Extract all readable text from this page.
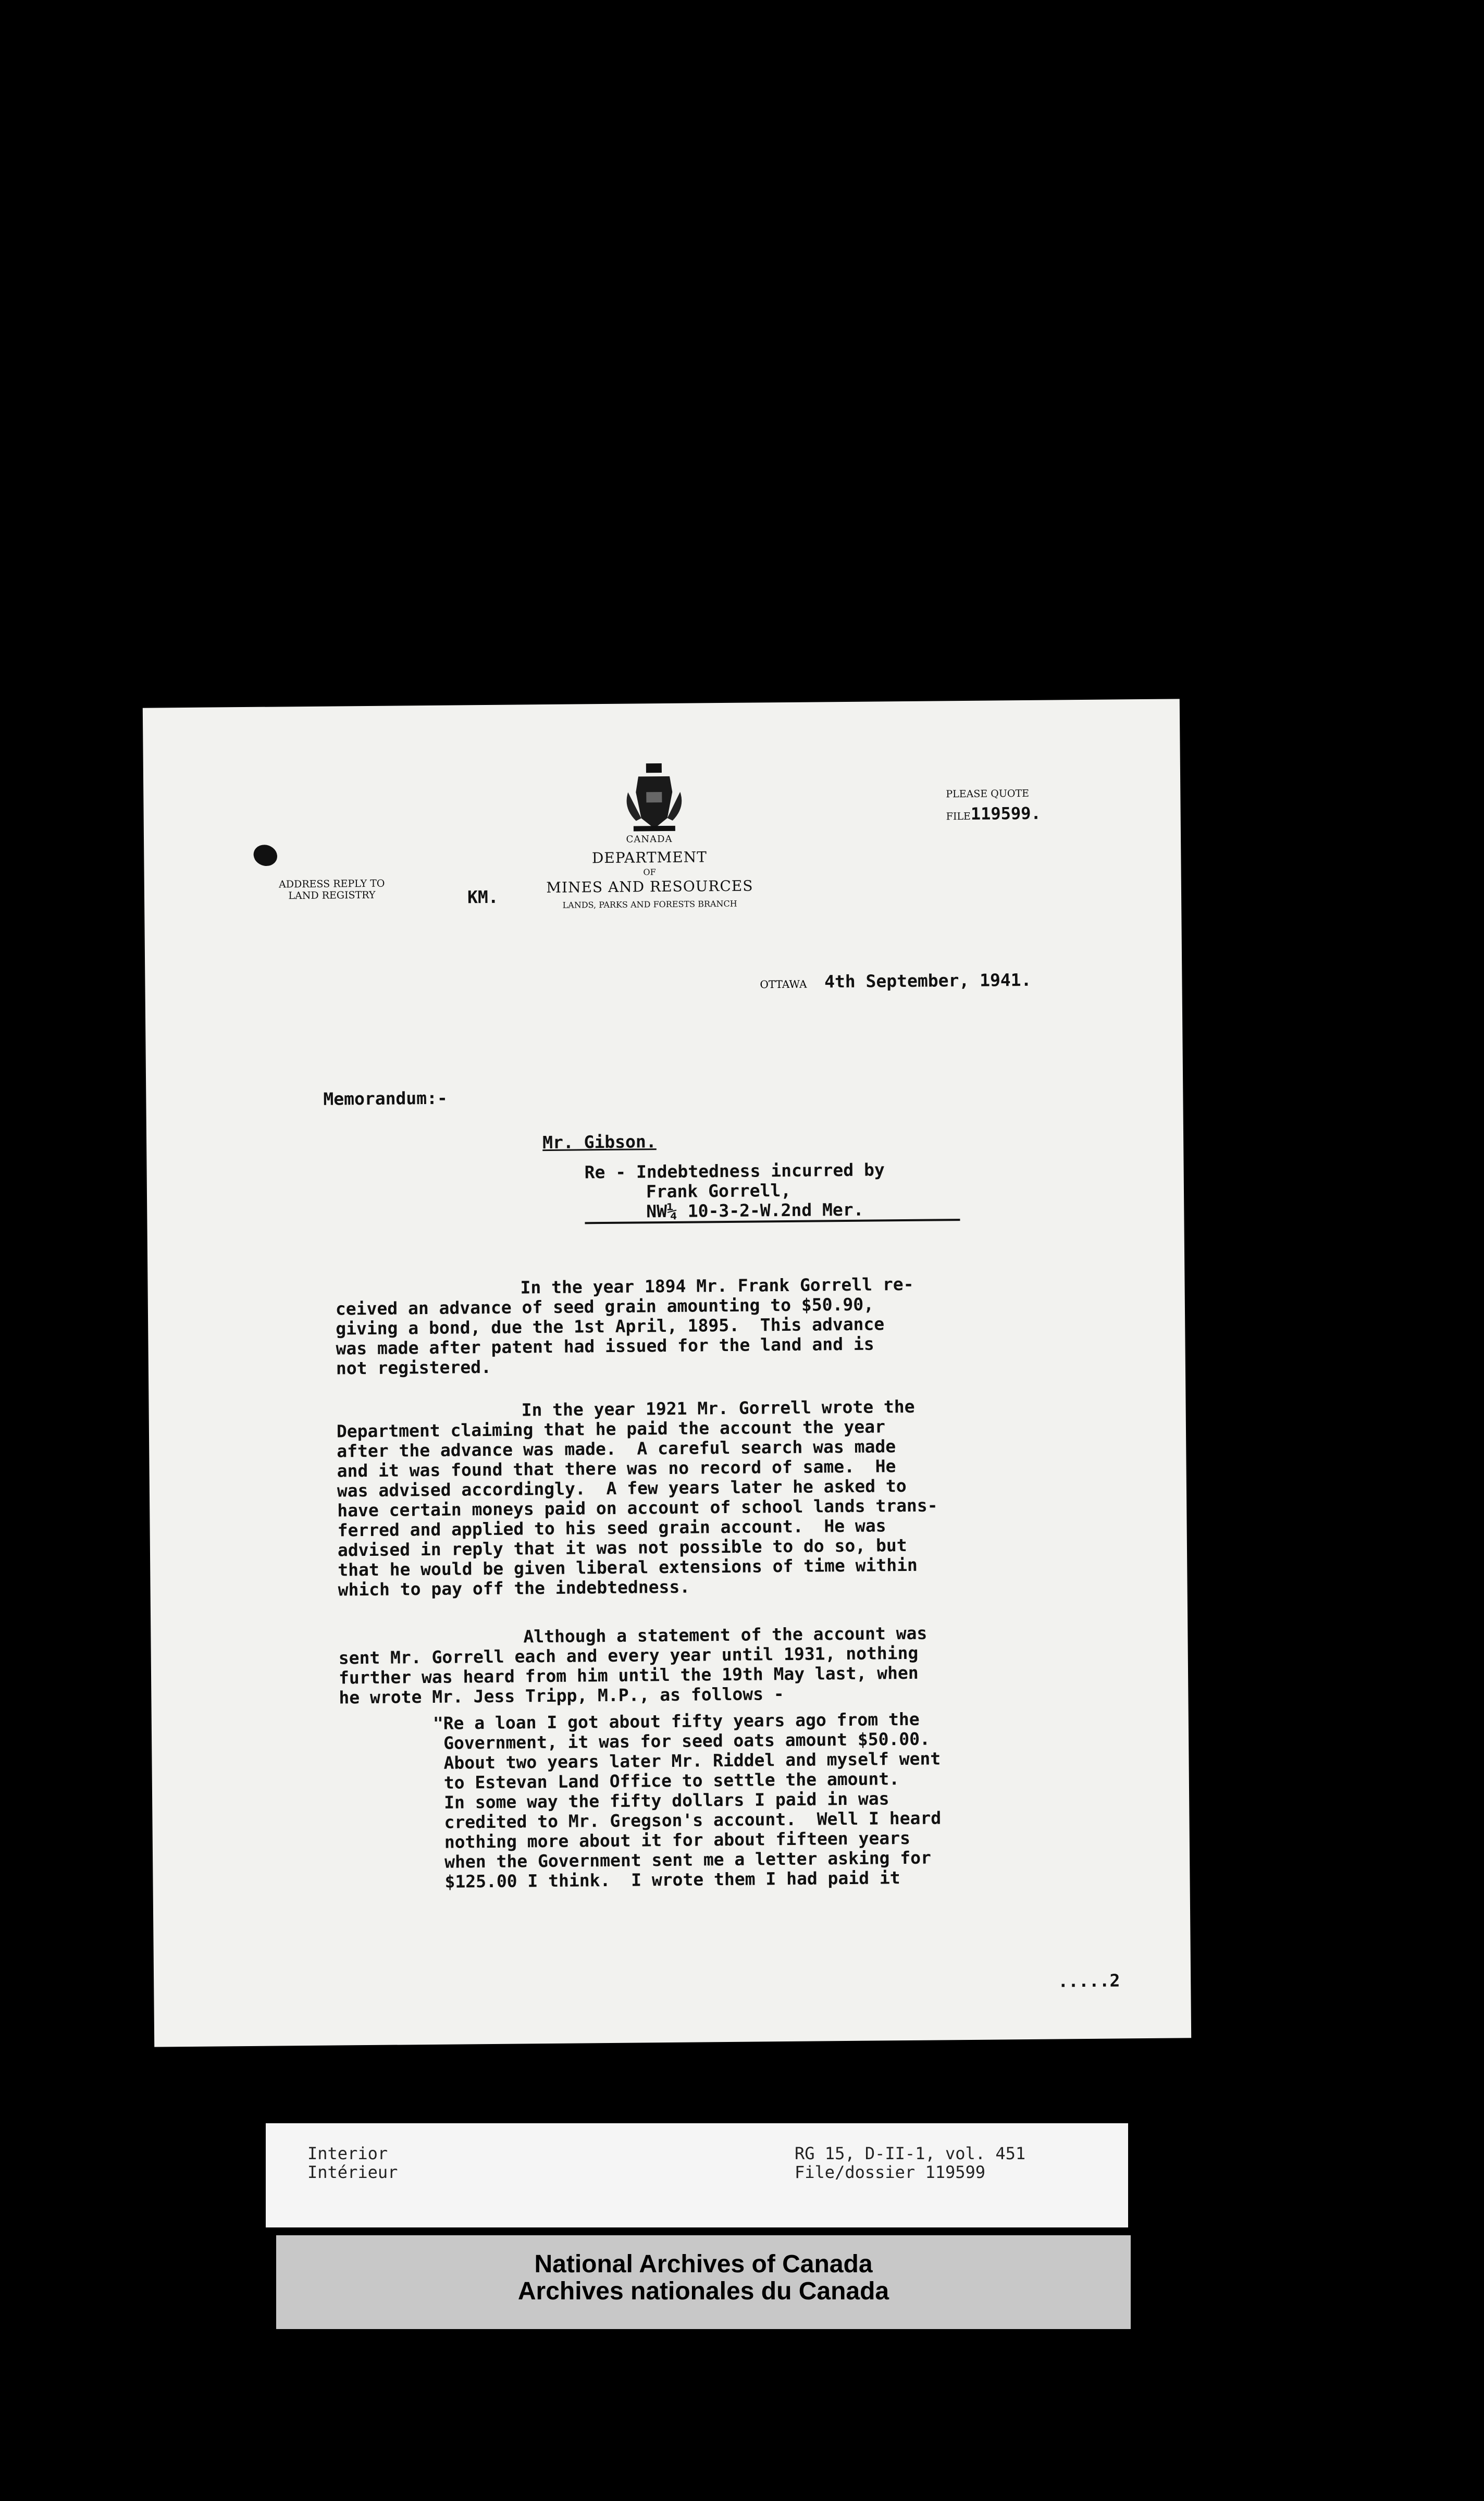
CANADA
DEPARTMENT
OF
MINES AND RESOURCES
LANDS, PARKS AND FORESTS BRANCH
ADDRESS REPLY TO
LAND REGISTRY	KM.
PLEASE QUOTE
FILE119599.
OTTAWA 4th September, 1941.
Memorandum:-
Mr. Gibson.
Re - Indebtedness incurred by
Frank Gorrell,
NW¼ 10-3-2-W.2nd Mer.
In the year 1894 Mr. Frank Gorrell re-
ceived an advance of seed grain amounting to $50.90,
giving a bond, due the 1st April, 1895.  This advance
was made after patent had issued for the land and is
not registered.
In the year 1921 Mr. Gorrell wrote the
Department claiming that he paid the account the year
after the advance was made.  A careful search was made
and it was found that there was no record of same.  He
was advised accordingly.  A few years later he asked to
have certain moneys paid on account of school lands trans-
ferred and applied to his seed grain account.  He was
advised in reply that it was not possible to do so, but
that he would be given liberal extensions of time within
which to pay off the indebtedness.
Although a statement of the account was
sent Mr. Gorrell each and every year until 1931, nothing
further was heard from him until the 19th May last, when
he wrote Mr. Jess Tripp, M.P., as follows -
"Re a loan I got about fifty years ago from the
Government, it was for seed oats amount $50.00.
About two years later Mr. Riddel and myself went
to Estevan Land Office to settle the amount.
In some way the fifty dollars I paid in was
credited to Mr. Gregson's account.  Well I heard
nothing more about it for about fifteen years
when the Government sent me a letter asking for
$125.00 I think.  I wrote them I had paid it
.....2
Interior
Intérieur
RG 15, D-II-1, vol. 451
File/dossier 119599
National Archives of Canada
Archives nationales du Canada
